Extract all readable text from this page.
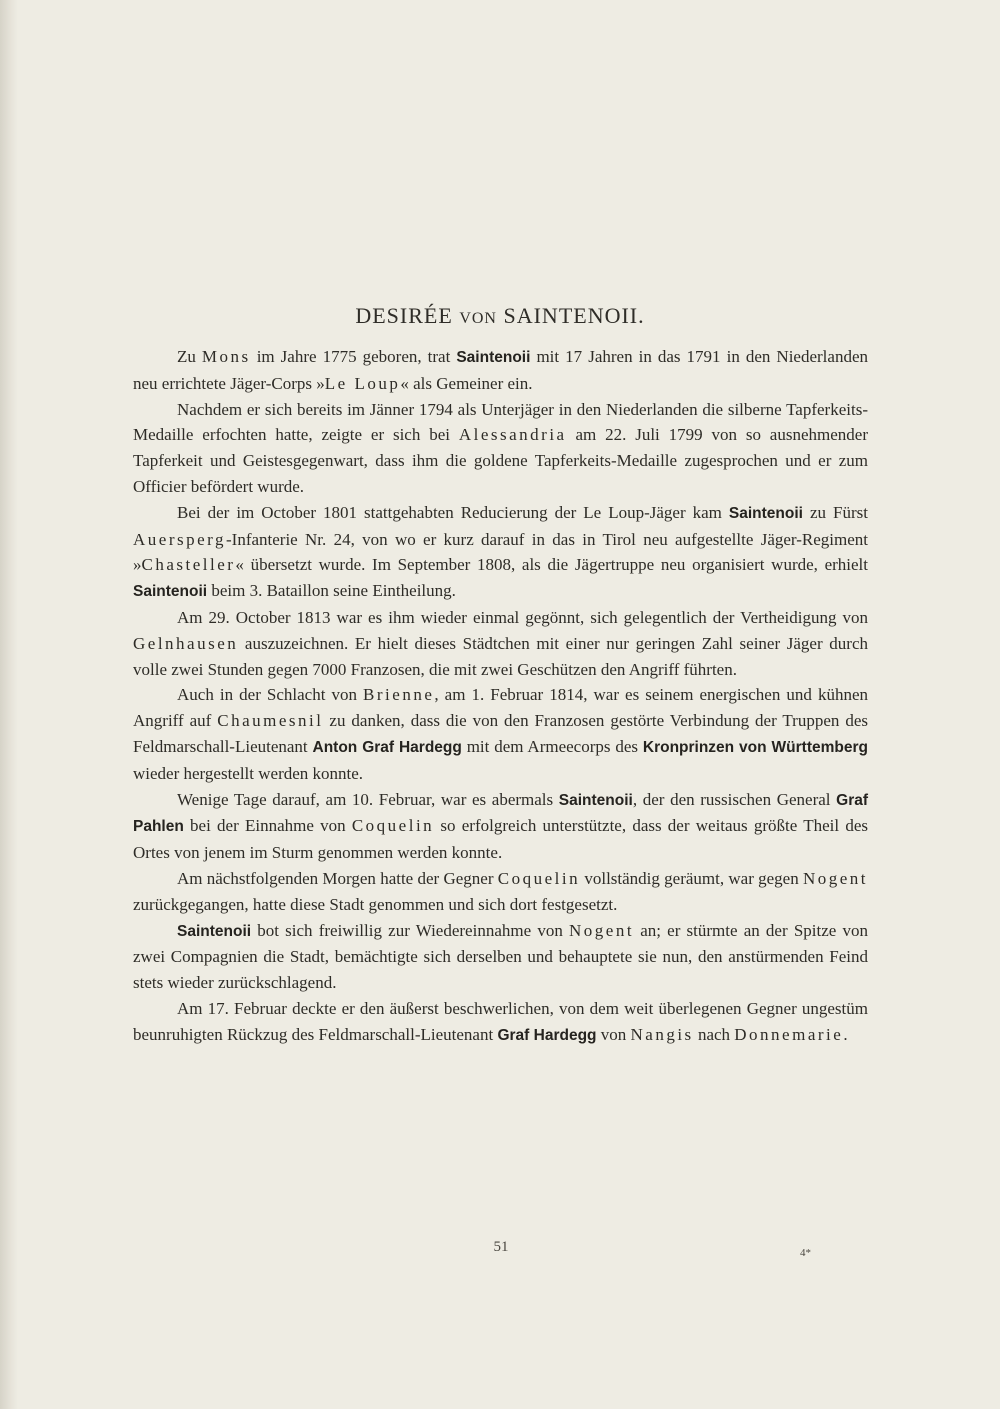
DESIRÉE VON SAINTENOII.

Zu Mons im Jahre 1775 geboren, trat Saintenoii mit 17 Jahren in das 1791 in den Niederlanden neu errichtete Jäger-Corps »Le Loup« als Gemeiner ein.

Nachdem er sich bereits im Jänner 1794 als Unterjäger in den Niederlanden die silberne Tapferkeits-Medaille erfochten hatte, zeigte er sich bei Alessandria am 22. Juli 1799 von so ausnehmender Tapferkeit und Geistesgegenwart, dass ihm die goldene Tapferkeits-Medaille zugesprochen und er zum Officier befördert wurde.

Bei der im October 1801 stattgehabten Reducierung der Le Loup-Jäger kam Saintenoii zu Fürst Auersperg-Infanterie Nr. 24, von wo er kurz darauf in das in Tirol neu aufgestellte Jäger-Regiment »Chasteller« übersetzt wurde. Im September 1808, als die Jägertruppe neu organisiert wurde, erhielt Saintenoii beim 3. Bataillon seine Eintheilung.

Am 29. October 1813 war es ihm wieder einmal gegönnt, sich gelegentlich der Vertheidigung von Gelnhausen auszuzeichnen. Er hielt dieses Städtchen mit einer nur geringen Zahl seiner Jäger durch volle zwei Stunden gegen 7000 Franzosen, die mit zwei Geschützen den Angriff führten.

Auch in der Schlacht von Brienne, am 1. Februar 1814, war es seinem energischen und kühnen Angriff auf Chaumesnil zu danken, dass die von den Franzosen gestörte Verbindung der Truppen des Feldmarschall-Lieutenant Anton Graf Hardegg mit dem Armeecorps des Kronprinzen von Württemberg wieder hergestellt werden konnte.

Wenige Tage darauf, am 10. Februar, war es abermals Saintenoii, der den russischen General Graf Pahlen bei der Einnahme von Coquelin so erfolgreich unterstützte, dass der weitaus größte Theil des Ortes von jenem im Sturm genommen werden konnte.

Am nächstfolgenden Morgen hatte der Gegner Coquelin vollständig geräumt, war gegen Nogent zurückgegangen, hatte diese Stadt genommen und sich dort festgesetzt.

Saintenoii bot sich freiwillig zur Wiedereinnahme von Nogent an; er stürmte an der Spitze von zwei Compagnien die Stadt, bemächtigte sich derselben und behauptete sie nun, den anstürmenden Feind stets wieder zurückschlagend.

Am 17. Februar deckte er den äußerst beschwerlichen, von dem weit überlegenen Gegner ungestüm beunruhigten Rückzug des Feldmarschall-Lieutenant Graf Hardegg von Nangis nach Donnemarie.

51	4*
